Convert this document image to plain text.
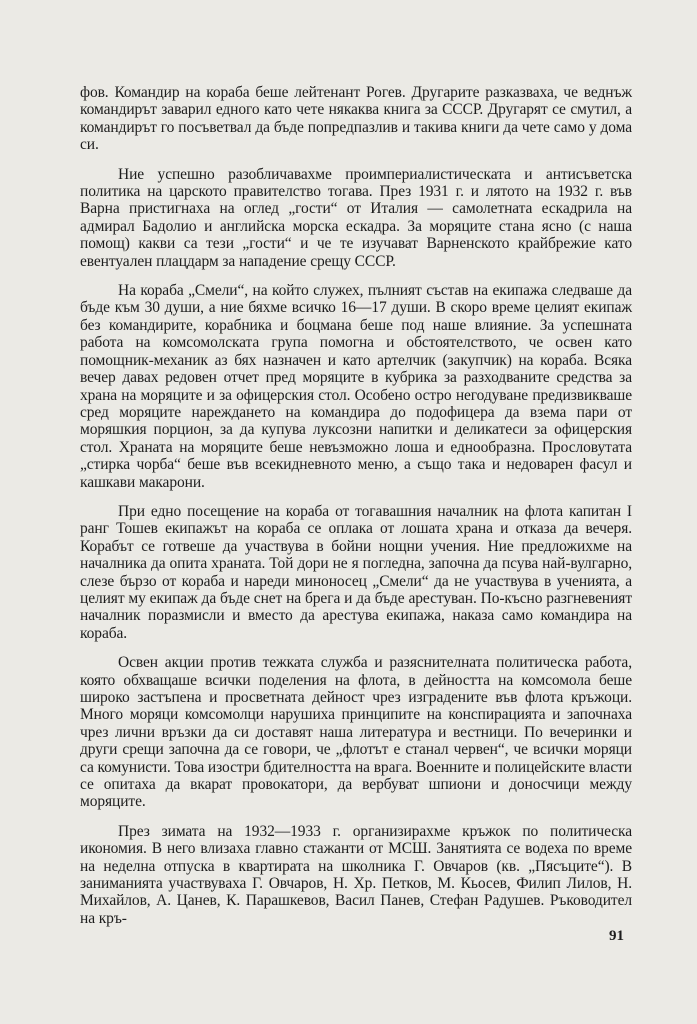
фов. Командир на кораба беше лейтенант Рогев. Другарите разказваха, че веднъж командирът заварил едного като чете някаква книга за СССР. Другарят се смутил, а командирът го посъветвал да бъде попредпазлив и такива книги да чете само у дома си.

Ние успешно разобличавахме проимпериалистическата и антисъветска политика на царското правителство тогава. През 1931 г. и лятото на 1932 г. във Варна пристигнаха на оглед „гости“ от Италия — самолетната ескадрила на адмирал Бадолио и английска морска ескадра. За моряците стана ясно (с наша помощ) какви са тези „гости“ и че те изучават Варненското крайбрежие като евентуален плацдарм за нападение срещу СССР.

На кораба „Смели“, на който служех, пълният състав на екипажа следваше да бъде към 30 души, а ние бяхме всичко 16—17 души. В скоро време целият екипаж без командирите, корабника и боцмана беше под наше влияние. За успешната работа на комсомолската група помогна и обстоятелството, че освен като помощник-механик аз бях назначен и като артелчик (закупчик) на кораба. Всяка вечер давах редовен отчет пред моряците в кубрика за разходваните средства за храна на моряците и за офицерския стол. Особено остро негодуване предизвикваше сред моряците нареждането на командира до подофицера да взема пари от моряшкия порцион, за да купува луксозни напитки и деликатеси за офицерския стол. Храната на моряците беше невъзможно лоша и еднообразна. Прословутата „стирка чорба“ беше във всекидневното меню, а също така и недоварен фасул и кашкави макарони.

При едно посещение на кораба от тогавашния началник на флота капитан I ранг Тошев екипажът на кораба се оплака от лошата храна и отказа да вечеря. Корабът се готвеше да участвува в бойни нощни учения. Ние предложихме на началника да опита храната. Той дори не я погледна, започна да псува най-вулгарно, слезе бързо от кораба и нареди миноносец „Смели“ да не участвува в ученията, а целият му екипаж да бъде снет на брега и да бъде арестуван. По-късно разгневеният началник поразмисли и вместо да арестува екипажа, наказа само командира на кораба.

Освен акции против тежката служба и разяснителната политическа работа, която обхващаше всички поделения на флота, в дейността на комсомола беше широко застъпена и просветната дейност чрез изградените във флота кръжоци. Много моряци комсомолци нарушиха принципите на конспирацията и започнаха чрез лични връзки да си доставят наша литература и вестници. По вечеринки и други срещи започна да се говори, че „флотът е станал червен“, че всички моряци са комунисти. Това изостри бдителността на врага. Военните и полицейските власти се опитаха да вкарат провокатори, да вербуват шпиони и доносчици между моряците.

През зимата на 1932—1933 г. организирахме кръжок по политическа икономия. В него влизаха главно стажанти от МСШ. Занятията се водеха по време на неделна отпуска в квартирата на школника Г. Овчаров (кв. „Пясъците“). В заниманията участвуваха Г. Овчаров, Н. Хр. Петков, М. Кьосев, Филип Лилов, Н. Михайлов, А. Цанев, К. Парашкевов, Васил Панев, Стефан Радушев. Ръководител на кръ-

91
